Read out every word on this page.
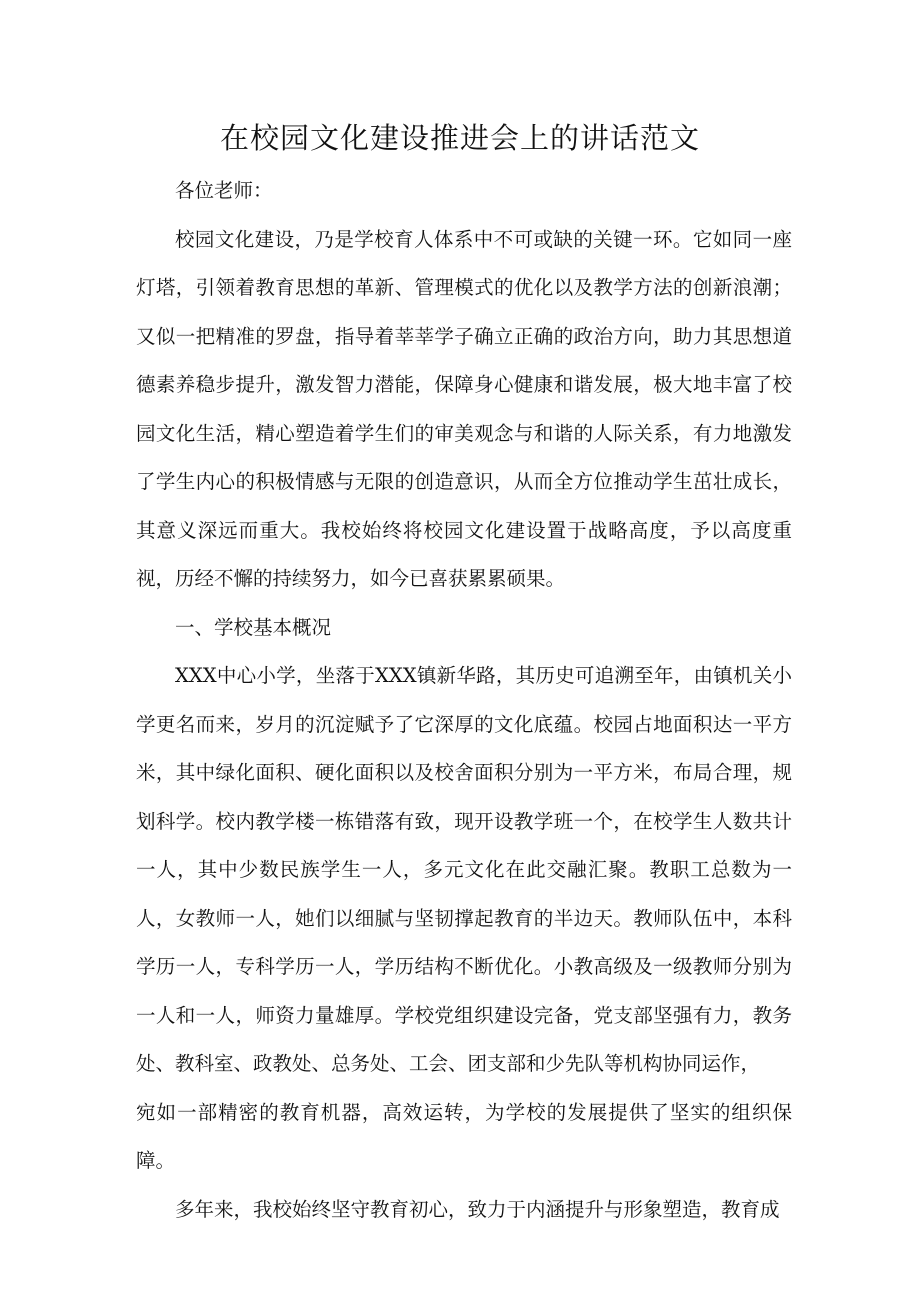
在校园文化建设推进会上的讲话范文

各位老师：

校园文化建设，乃是学校育人体系中不可或缺的关键一环。它如同一座灯塔，引领着教育思想的革新、管理模式的优化以及教学方法的创新浪潮；又似一把精准的罗盘，指导着莘莘学子确立正确的政治方向，助力其思想道德素养稳步提升，激发智力潜能，保障身心健康和谐发展，极大地丰富了校园文化生活，精心塑造着学生们的审美观念与和谐的人际关系，有力地激发了学生内心的积极情感与无限的创造意识，从而全方位推动学生茁壮成长，其意义深远而重大。我校始终将校园文化建设置于战略高度，予以高度重视，历经不懈的持续努力，如今已喜获累累硕果。

一、学校基本概况

XXX中心小学，坐落于XXX镇新华路，其历史可追溯至年，由镇机关小学更名而来，岁月的沉淀赋予了它深厚的文化底蕴。校园占地面积达一平方米，其中绿化面积、硬化面积以及校舍面积分别为一平方米，布局合理，规划科学。校内教学楼一栋错落有致，现开设教学班一个，在校学生人数共计一人，其中少数民族学生一人，多元文化在此交融汇聚。教职工总数为一人，女教师一人，她们以细腻与坚韧撑起教育的半边天。教师队伍中，本科学历一人，专科学历一人，学历结构不断优化。小教高级及一级教师分别为一人和一人，师资力量雄厚。学校党组织建设完备，党支部坚强有力，教务处、教科室、政教处、总务处、工会、团支部和少先队等机构协同运作，

宛如一部精密的教育机器，高效运转，为学校的发展提供了坚实的组织保障。

多年来，我校始终坚守教育初心，致力于内涵提升与形象塑造，教育成
